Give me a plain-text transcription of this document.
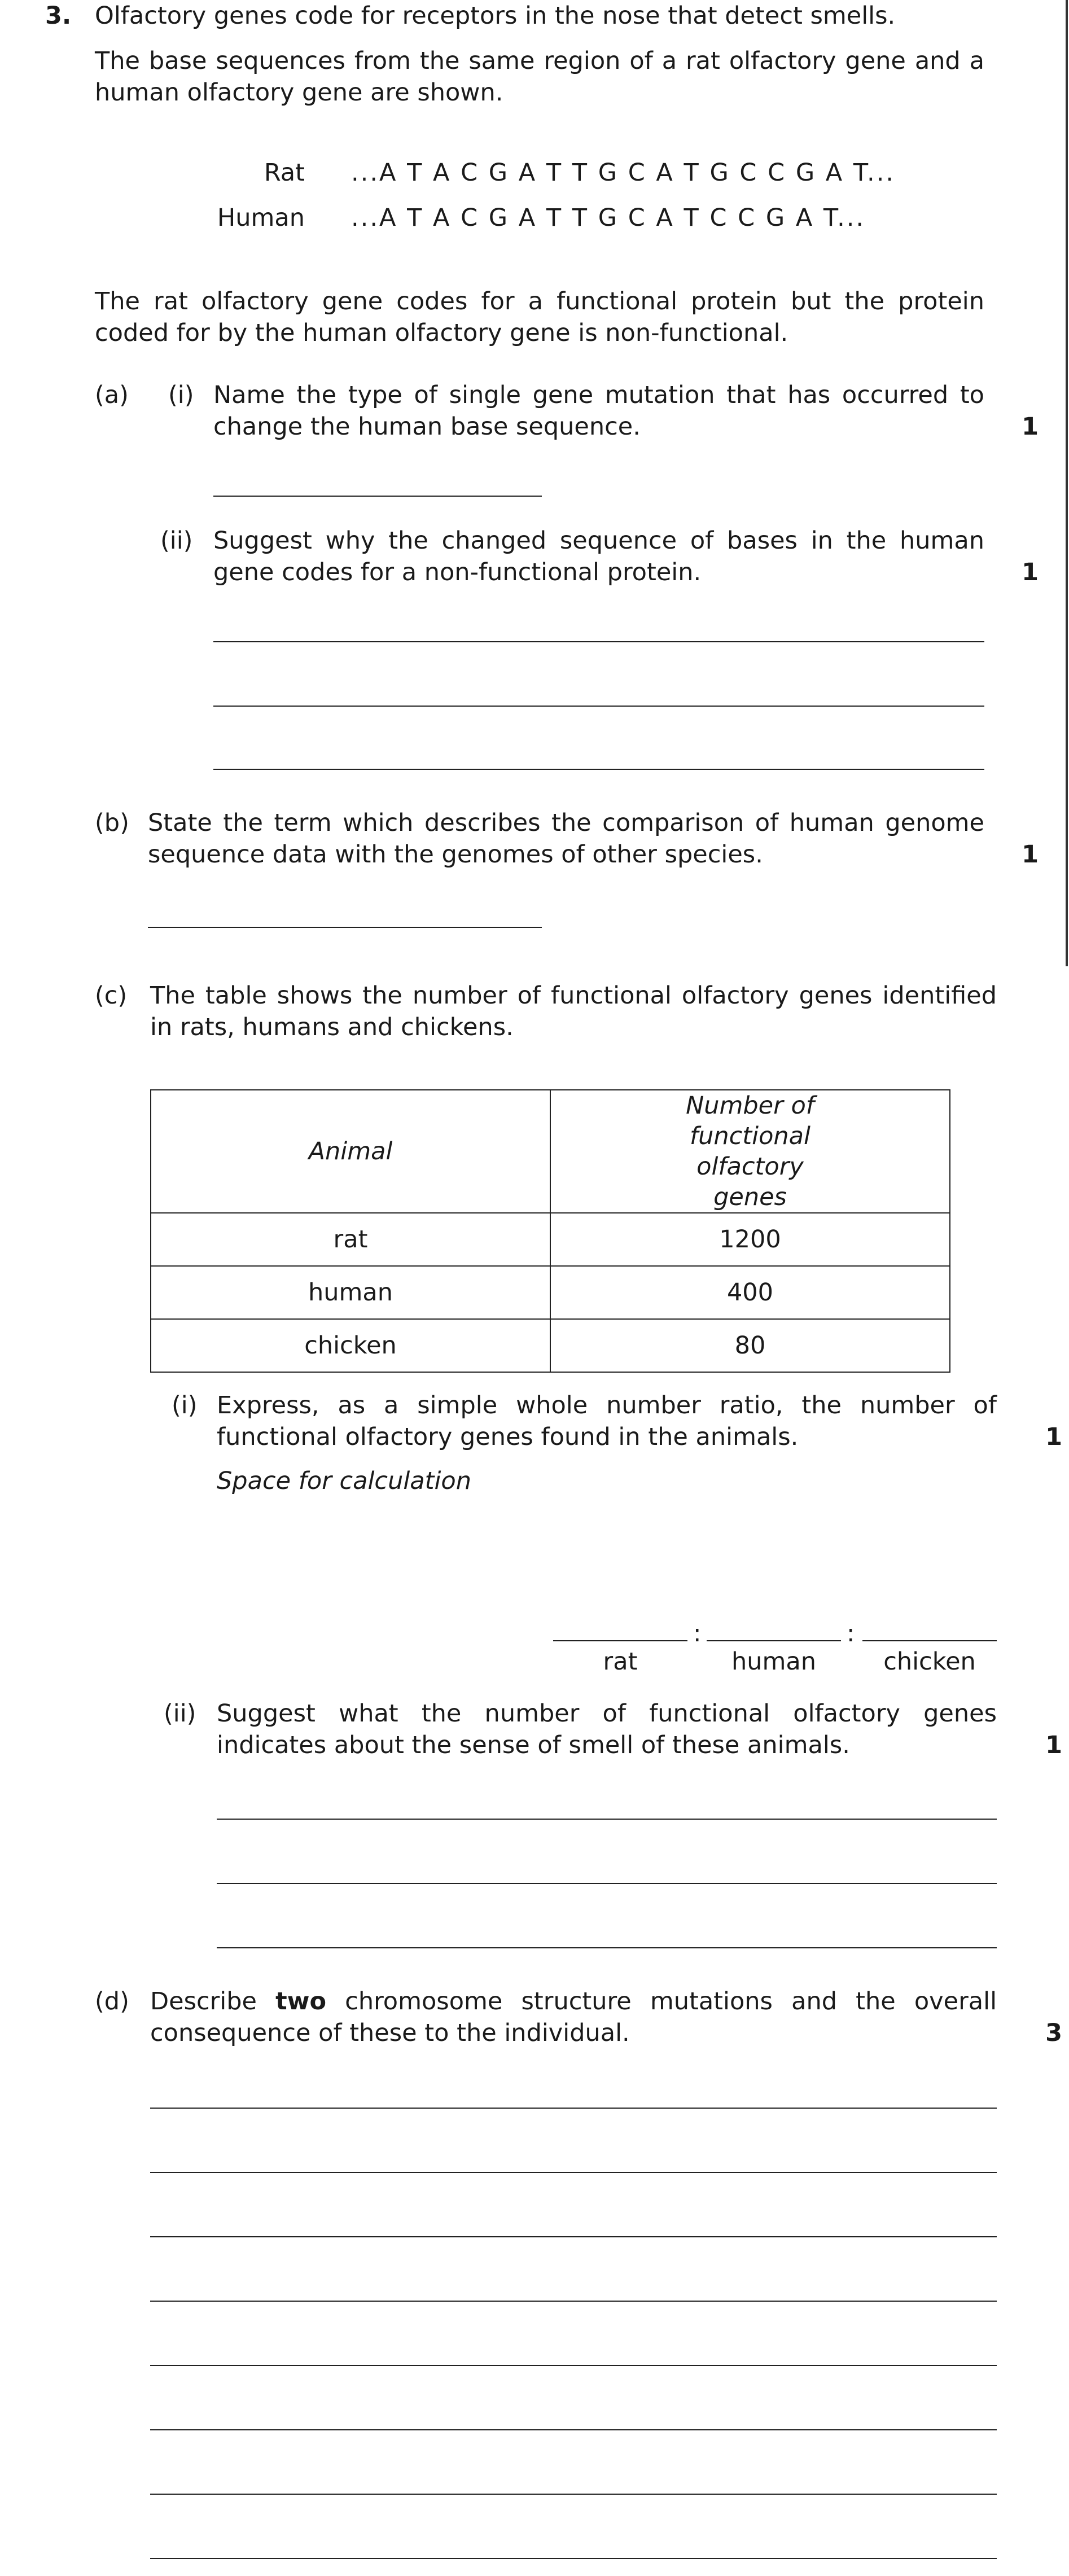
3. Olfactory genes code for receptors in the nose that detect smells.
The base sequences from the same region of a rat olfactory gene and a human olfactory gene are shown.
Rat ...A T A C G A T T G C A T G C C G A T...
Human ...A T A C G A T T G C A T C C G A T...
The rat olfactory gene codes for a functional protein but the protein coded for by the human olfactory gene is non-functional.
(a) (i) Name the type of single gene mutation that has occurred to change the human base sequence.	1
(ii) Suggest why the changed sequence of bases in the human gene codes for a non-functional protein.	1
(b) State the term which describes the comparison of human genome sequence data with the genomes of other species.	1
(c) The table shows the number of functional olfactory genes identified in rats, humans and chickens.
Animal	Number of functional olfactory genes

rat	1200
human	400
chicken	80
(i) Express, as a simple whole number ratio, the number of functional olfactory genes found in the animals.	1
Space for calculation
:	:
rat	human	chicken
(ii) Suggest what the number of functional olfactory genes indicates about the sense of smell of these animals.	1
(d) Describe two chromosome structure mutations and the overall consequence of these to the individual.	3
